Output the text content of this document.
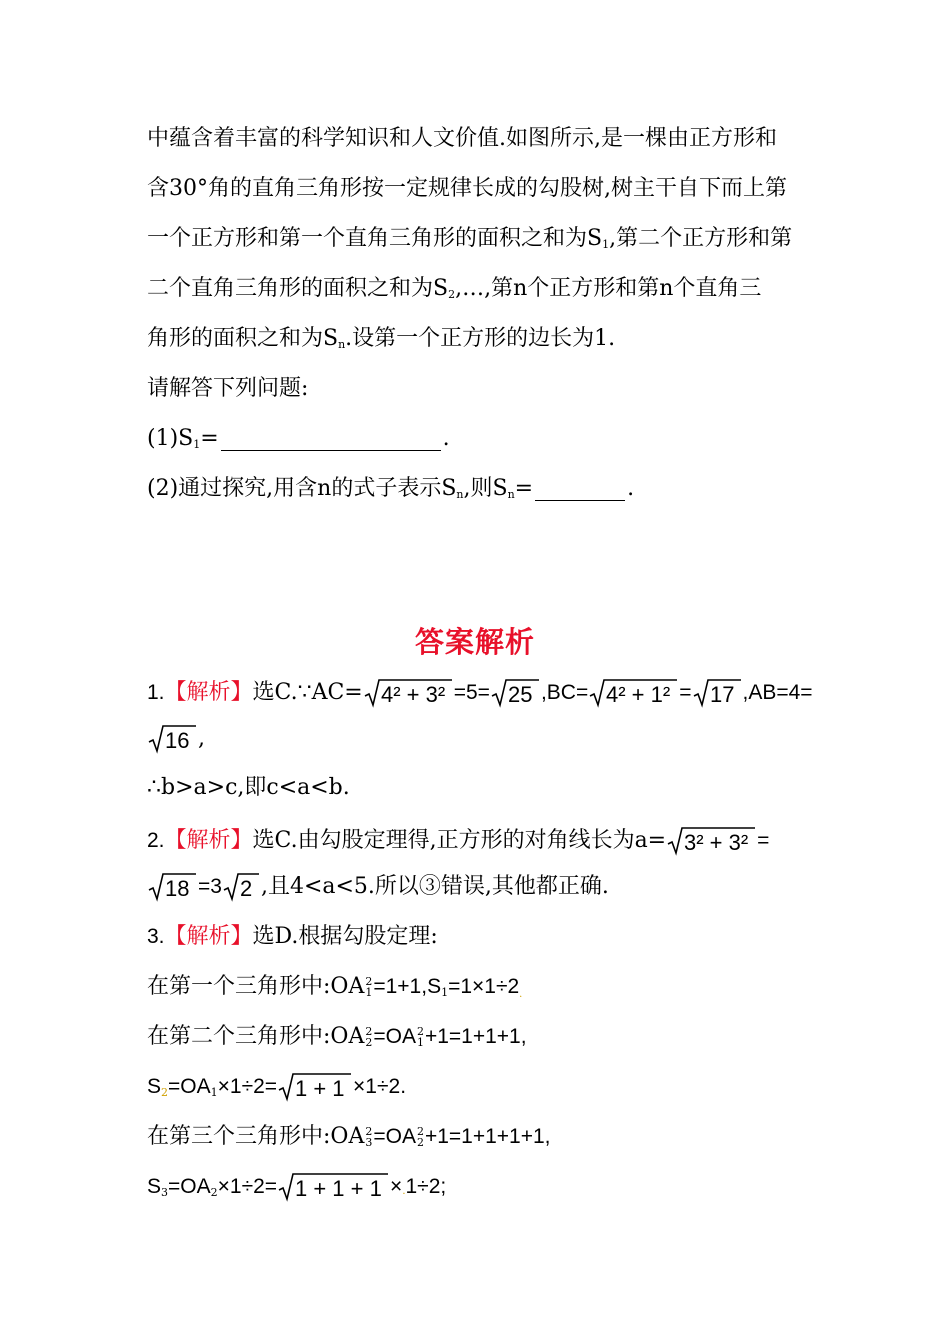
中蕴含着丰富的科学知识和人文价值.如图所示,是一棵由正方形和
含30°角的直角三角形按一定规律长成的勾股树,树主干自下而上第
一个正方形和第一个直角三角形的面积之和为$S_1$,第二个正方形和第
二个直角三角形的面积之和为$S_2,\dots$,第n个正方形和第n个直角三
角形的面积之和为$S_n$.设第一个正方形的边长为1.
请解答下列问题:
$(1)S_1=$	.
(2)通过探究,用含n的式子表示$S_n$,则$S_n=$	.
答案解析
1.【解析】选C.∵AC= 4² + 3² =5= 25 ,BC= 4² + 1² = 17 ,AB=4=
16 ,
∴b>a>c,即c<a<b.
2.【解析】选C.由勾股定理得,正方形的对角线长为a= 3² + 3² =
18 =3 2 ,且4<a<5.所以③错误,其他都正确.
3.【解析】选D.根据勾股定理:
在第一个三角形中:OA 2
$1 =1+1,S_1=1\times 1\div 2$.
在第二个三角形中:OA 2
2 =OA 2
1 +1=1+1+1,
$S_2=OA_1\times 1\div 2= 1 + 1 \times 1\div 2$.
在第三个三角形中:OA 2
3 =OA 2
2 +1=1+1+1+1,
$S_3=OA_2\times 1\div 2= 1 + 1 + 1 \times\cdot 1\div 2$;
